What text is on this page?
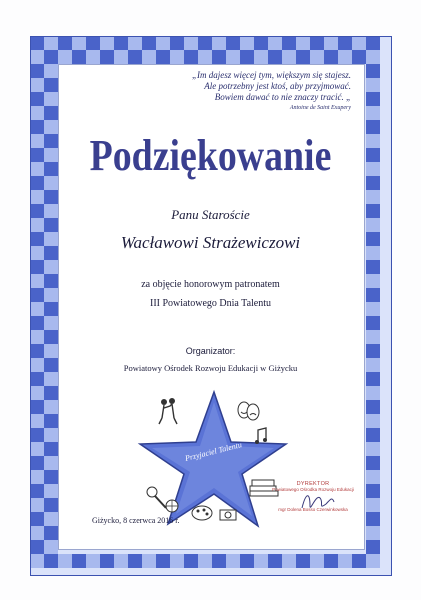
„Im dajesz więcej tym, większym się stajesz.
Ale potrzebny jest ktoś, aby przyjmować.
Bowiem dawać to nie znaczy tracić. „
Antoine de Saint Exupery
Podziękowanie
Panu Staroście
Wacławowi Strażewiczowi
za objęcie honorowym patronatem
III Powiatowego Dnia Talentu
Organizator:
Powiatowy Ośrodek Rozwoju Edukacji w Giżycku
Przyjaciel Talentu
Giżycko, 8 czerwca 2016 r.
DYREKTOR
Powiatowego Ośrodka Rozwoju Edukacji
mgr Dolena Bosso Czerwinkowska
